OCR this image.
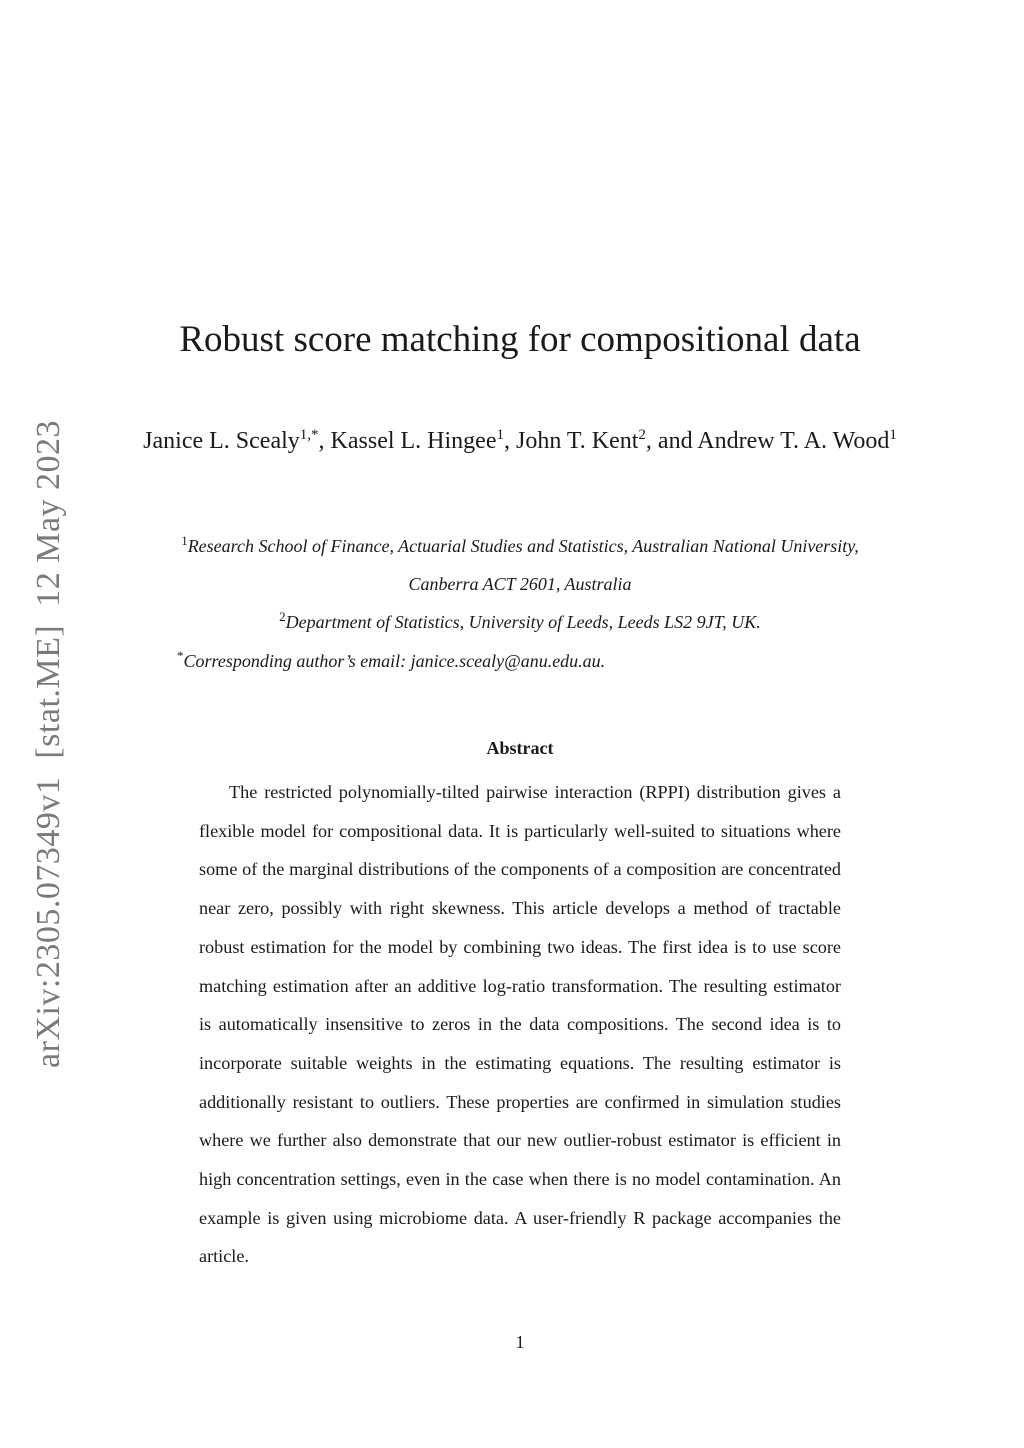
arXiv:2305.07349v1[stat.ME]12 May 2023
Robust score matching for compositional data
Janice L. Scealy$^{1,*}$, Kassel L. Hingee$^1$, John T. Kent$^2$, and Andrew T. A. Wood$^1$
$^1$Research School of Finance, Actuarial Studies and Statistics, Australian National University, Canberra ACT 2601, Australia
$^2$Department of Statistics, University of Leeds, Leeds LS2 9JT, UK.
*Corresponding author’s email: janice.scealy@anu.edu.au.
Abstract

The restricted polynomially-tilted pairwise interaction (RPPI) distribution gives a flexible model for compositional data. It is particularly well-suited to situations where some of the marginal distributions of the components of a composition are concentrated near zero, possibly with right skewness. This article develops a method of tractable robust estimation for the model by combining two ideas. The first idea is to use score matching estimation after an additive log-ratio transformation. The resulting estimator is automatically insensitive to zeros in the data compositions. The second idea is to incorporate suitable weights in the estimating equations. The resulting estimator is additionally resistant to outliers. These properties are confirmed in simulation studies where we further also demonstrate that our new outlier-robust estimator is efficient in high concentration settings, even in the case when there is no model contamination. An example is given using microbiome data. A user-friendly R package accompanies the article.

1
